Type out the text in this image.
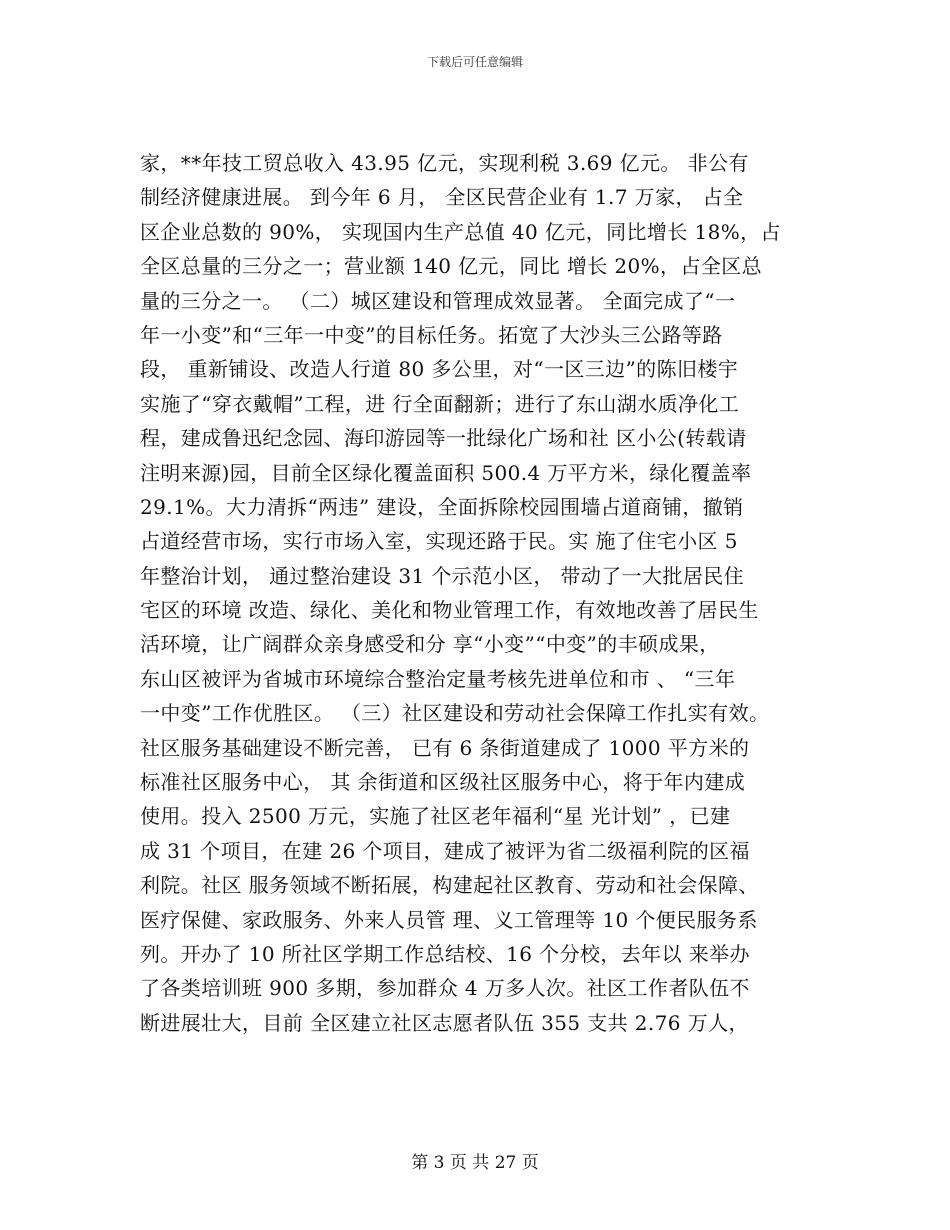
下载后可任意编辑
家，**年技工贸总收入 43.95 亿元，实现利税 3.69 亿元。 非公有
制经济健康进展。 到今年 6 月， 全区民营企业有 1.7 万家， 占全
区企业总数的 90%， 实现国内生产总值 40 亿元，同比增长 18%，占
全区总量的三分之一；营业额 140 亿元，同比 增长 20%，占全区总
量的三分之一。 （二）城区建设和管理成效显著。 全面完成了“一
年一小变”和“三年一中变”的目标任务。拓宽了大沙头三公路等路
段， 重新铺设、改造人行道 80 多公里，对“一区三边”的陈旧楼宇
实施了“穿衣戴帽”工程，进 行全面翻新；进行了东山湖水质净化工
程，建成鲁迅纪念园、海印游园等一批绿化广场和社 区小公(转载请
注明来源)园，目前全区绿化覆盖面积 500.4 万平方米，绿化覆盖率
29.1%。大力清拆“两违” 建设，全面拆除校园围墙占道商铺，撤销
占道经营市场，实行市场入室，实现还路于民。实 施了住宅小区 5
年整治计划， 通过整治建设 31 个示范小区， 带动了一大批居民住
宅区的环境 改造、绿化、美化和物业管理工作，有效地改善了居民生
活环境，让广阔群众亲身感受和分 享“小变”“中变”的丰硕成果，
东山区被评为省城市环境综合整治定量考核先进单位和市 、 “三年
一中变”工作优胜区。 （三）社区建设和劳动社会保障工作扎实有效。
社区服务基础建设不断完善， 已有 6 条街道建成了 1000 平方米的
标准社区服务中心， 其 余街道和区级社区服务中心，将于年内建成
使用。投入 2500 万元，实施了社区老年福利“星 光计划” ，已建
成 31 个项目，在建 26 个项目，建成了被评为省二级福利院的区福
利院。社区 服务领域不断拓展，构建起社区教育、劳动和社会保障、
医疗保健、家政服务、外来人员管 理、义工管理等 10 个便民服务系
列。开办了 10 所社区学期工作总结校、16 个分校，去年以 来举办
了各类培训班 900 多期，参加群众 4 万多人次。社区工作者队伍不
断进展壮大，目前 全区建立社区志愿者队伍 355 支共 2.76 万人，
第 3 页 共 27 页
